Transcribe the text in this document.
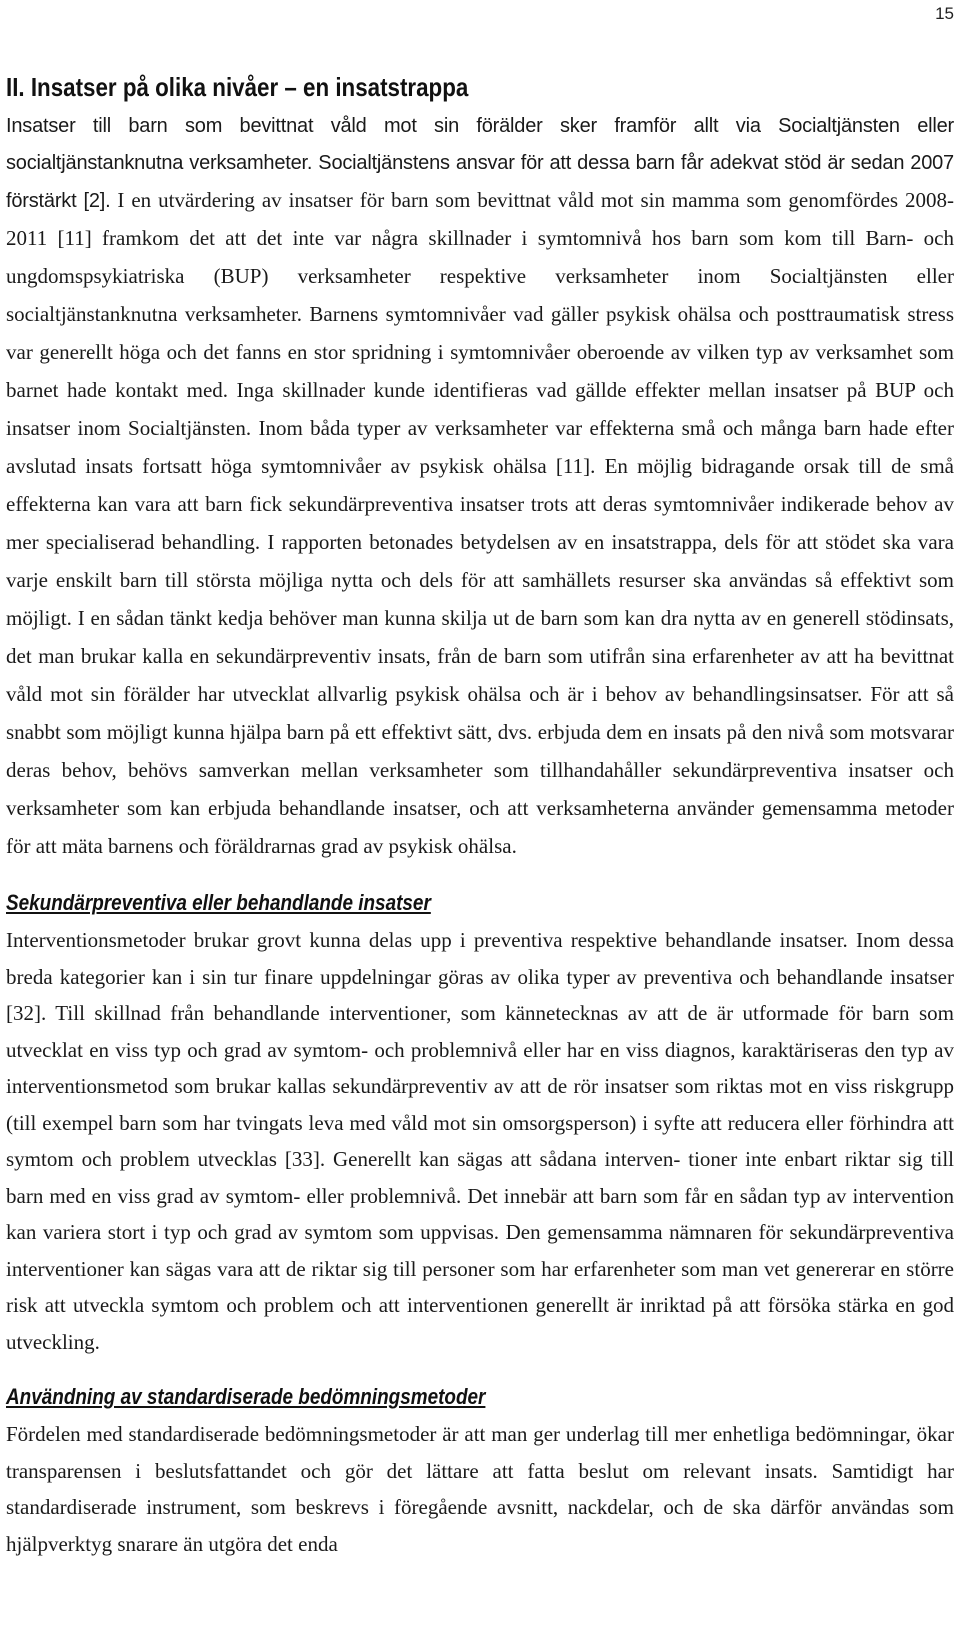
15
II. Insatser på olika nivåer – en insatstrappa

Insatser till barn som bevittnat våld mot sin förälder sker framför allt via Socialtjänsten eller socialtjänstanknutna verksamheter. Socialtjänstens ansvar för att dessa barn får adekvat stöd är sedan 2007 förstärkt [2]. I en utvärdering av insatser för barn som bevittnat våld mot sin mamma som genomfördes 2008-2011 [11] framkom det att det inte var några skillnader i symtomnivå hos barn som kom till Barn- och ungdomspsykiatriska (BUP) verksamheter respektive verksamheter inom Socialtjänsten eller socialtjänstanknutna verksamheter. Barnens symtomnivåer vad gäller psykisk ohälsa och posttraumatisk stress var generellt höga och det fanns en stor spridning i symtomnivåer oberoende av vilken typ av verksamhet som barnet hade kontakt med. Inga skillnader kunde identifieras vad gällde effekter mellan insatser på BUP och insatser inom Socialtjänsten. Inom båda typer av verksamheter var effekterna små och många barn hade efter avslutad insats fortsatt höga symtomnivåer av psykisk ohälsa [11]. En möjlig bidragande orsak till de små effekterna kan vara att barn fick sekundärpreventiva insatser trots att deras symtomnivåer indikerade behov av mer specialiserad behandling. I rapporten betonades betydelsen av en insatstrappa, dels för att stödet ska vara varje enskilt barn till största möjliga nytta och dels för att samhällets resurser ska användas så effektivt som möjligt. I en sådan tänkt kedja behöver man kunna skilja ut de barn som kan dra nytta av en generell stödinsats, det man brukar kalla en sekundärpreventiv insats, från de barn som utifrån sina erfarenheter av att ha bevittnat våld mot sin förälder har utvecklat allvarlig psykisk ohälsa och är i behov av behandlingsinsatser. För att så snabbt som möjligt kunna hjälpa barn på ett effektivt sätt, dvs. erbjuda dem en insats på den nivå som motsvarar deras behov, behövs samverkan mellan verksamheter som tillhandahåller sekundärpreventiva insatser och verksamheter som kan erbjuda behandlande insatser, och att verksamheterna använder gemensamma metoder för att mäta barnens och föräldrarnas grad av psykisk ohälsa.

Sekundärpreventiva eller behandlande insatser

Interventionsmetoder brukar grovt kunna delas upp i preventiva respektive behandlande insatser. Inom dessa breda kategorier kan i sin tur finare uppdelningar göras av olika typer av preventiva och behandlande insatser [32]. Till skillnad från behandlande interventioner, som kännetecknas av att de är utformade för barn som utvecklat en viss typ och grad av symtom- och problemnivå eller har en viss diagnos, karaktäriseras den typ av interventionsmetod som brukar kallas sekundärpreventiv av att de rör insatser som riktas mot en viss riskgrupp (till exempel barn som har tvingats leva med våld mot sin omsorgsperson) i syfte att reducera eller förhindra att symtom och problem utvecklas [33]. Generellt kan sägas att sådana interven- tioner inte enbart riktar sig till barn med en viss grad av symtom- eller problemnivå. Det innebär att barn som får en sådan typ av intervention kan variera stort i typ och grad av symtom som uppvisas. Den gemensamma nämnaren för sekundärpreventiva interventioner kan sägas vara att de riktar sig till personer som har erfarenheter som man vet genererar en större risk att utveckla symtom och problem och att interventionen generellt är inriktad på att försöka stärka en god utveckling.

Användning av standardiserade bedömningsmetoder

Fördelen med standardiserade bedömningsmetoder är att man ger underlag till mer enhetliga bedömningar, ökar transparensen i beslutsfattandet och gör det lättare att fatta beslut om relevant insats. Samtidigt har standardiserade instrument, som beskrevs i föregående avsnitt, nackdelar, och de ska därför användas som hjälpverktyg snarare än utgöra det enda
